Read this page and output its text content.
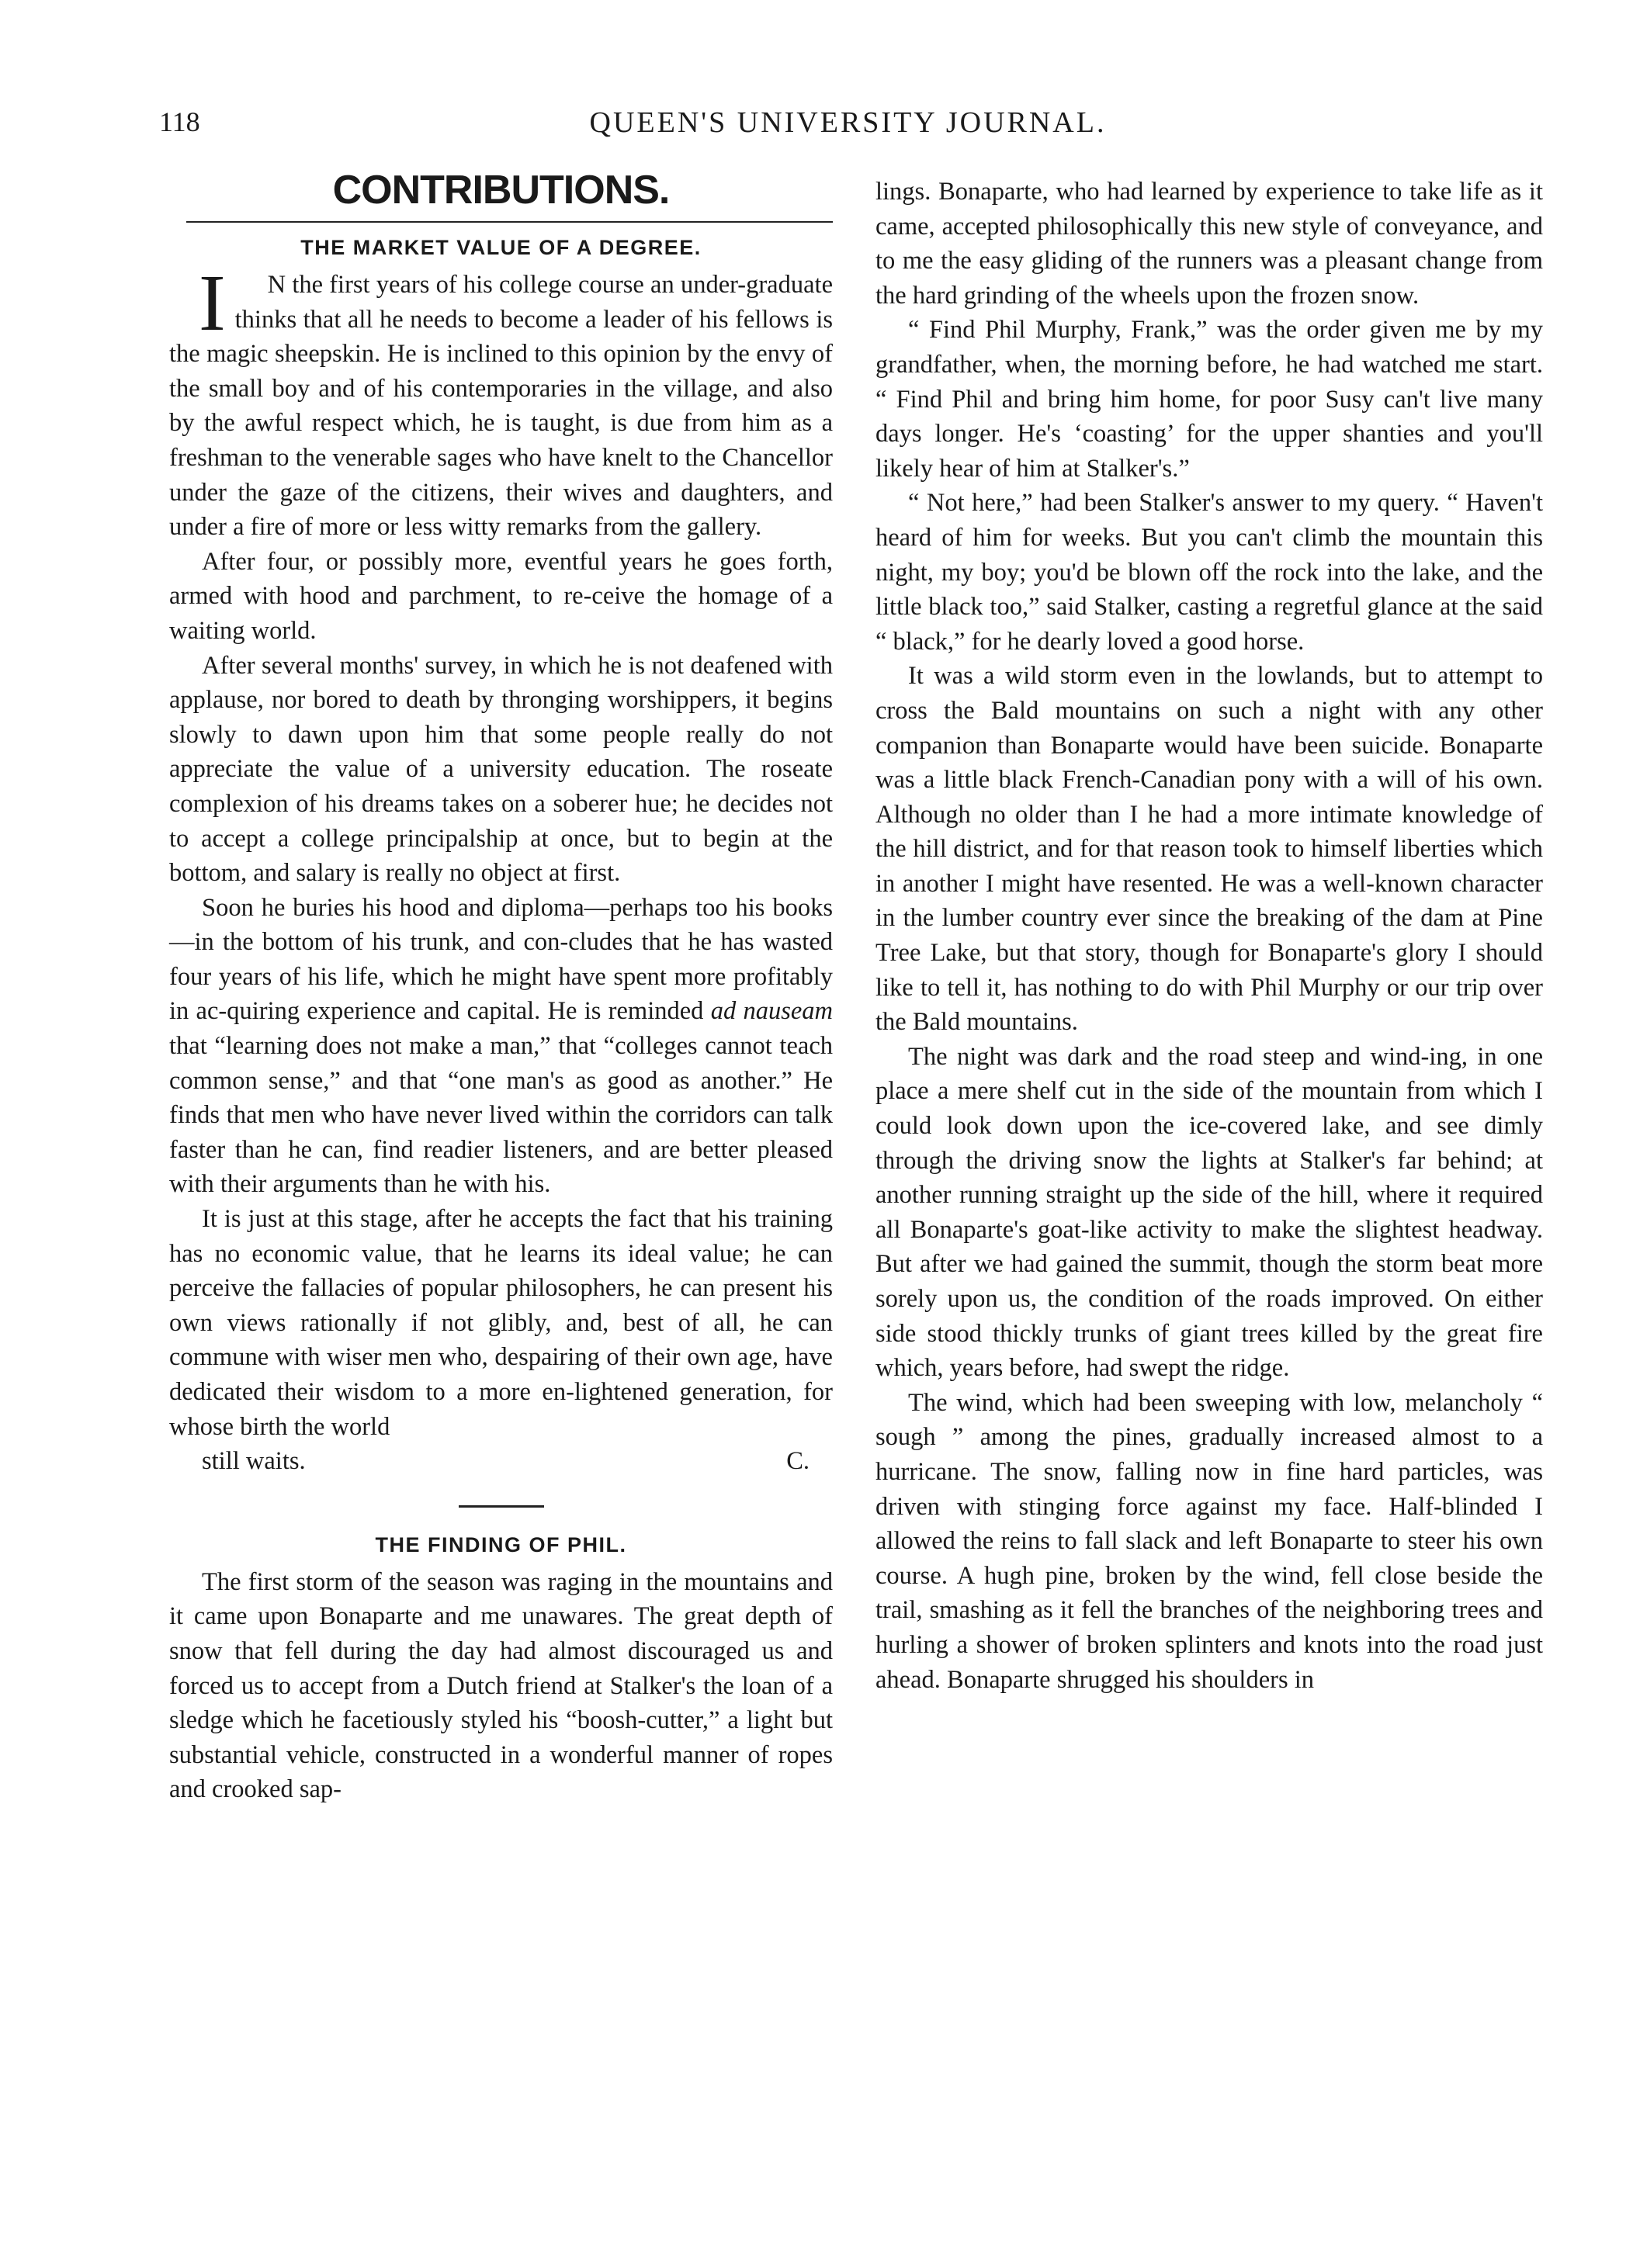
118	QUEEN'S UNIVERSITY JOURNAL.
CONTRIBUTIONS.
THE MARKET VALUE OF A DEGREE.

I N the first years of his college course an under-graduate thinks that all he needs to become a leader of his fellows is the magic sheepskin. He is inclined to this opinion by the envy of the small boy and of his contemporaries in the village, and also by the awful respect which, he is taught, is due from him as a freshman to the venerable sages who have knelt to the Chancellor under the gaze of the citizens, their wives and daughters, and under a fire of more or less witty remarks from the gallery.

After four, or possibly more, eventful years he goes forth, armed with hood and parchment, to re-ceive the homage of a waiting world.

After several months' survey, in which he is not deafened with applause, nor bored to death by thronging worshippers, it begins slowly to dawn upon him that some people really do not appreciate the value of a university education. The roseate complexion of his dreams takes on a soberer hue; he decides not to accept a college principalship at once, but to begin at the bottom, and salary is really no object at first.

Soon he buries his hood and diploma—perhaps too his books—in the bottom of his trunk, and con-cludes that he has wasted four years of his life, which he might have spent more profitably in ac-quiring experience and capital. He is reminded ad nauseam that “learning does not make a man,” that “colleges cannot teach common sense,” and that “one man's as good as another.” He finds that men who have never lived within the corridors can talk faster than he can, find readier listeners, and are better pleased with their arguments than he with his.

It is just at this stage, after he accepts the fact that his training has no economic value, that he learns its ideal value; he can perceive the fallacies of popular philosophers, he can present his own views rationally if not glibly, and, best of all, he can commune with wiser men who, despairing of their own age, have dedicated their wisdom to a more en-lightened generation, for whose birth the world

still waits.	C.

THE FINDING OF PHIL.

The first storm of the season was raging in the mountains and it came upon Bonaparte and me unawares. The great depth of snow that fell during the day had almost discouraged us and forced us to accept from a Dutch friend at Stalker's the loan of a sledge which he facetiously styled his “boosh-cutter,” a light but substantial vehicle, constructed in a wonderful manner of ropes and crooked sap-

lings. Bonaparte, who had learned by experience to take life as it came, accepted philosophically this new style of conveyance, and to me the easy gliding of the runners was a pleasant change from the hard grinding of the wheels upon the frozen snow.

“ Find Phil Murphy, Frank,” was the order given me by my grandfather, when, the morning before, he had watched me start. “ Find Phil and bring him home, for poor Susy can't live many days longer. He's ‘coasting’ for the upper shanties and you'll likely hear of him at Stalker's.”

“ Not here,” had been Stalker's answer to my query. “ Haven't heard of him for weeks. But you can't climb the mountain this night, my boy; you'd be blown off the rock into the lake, and the little black too,” said Stalker, casting a regretful glance at the said “ black,” for he dearly loved a good horse.

It was a wild storm even in the lowlands, but to attempt to cross the Bald mountains on such a night with any other companion than Bonaparte would have been suicide. Bonaparte was a little black French-Canadian pony with a will of his own. Although no older than I he had a more intimate knowledge of the hill district, and for that reason took to himself liberties which in another I might have resented. He was a well-known character in the lumber country ever since the breaking of the dam at Pine Tree Lake, but that story, though for Bonaparte's glory I should like to tell it, has nothing to do with Phil Murphy or our trip over the Bald mountains.

The night was dark and the road steep and wind-ing, in one place a mere shelf cut in the side of the mountain from which I could look down upon the ice-covered lake, and see dimly through the driving snow the lights at Stalker's far behind; at another running straight up the side of the hill, where it required all Bonaparte's goat-like activity to make the slightest headway. But after we had gained the summit, though the storm beat more sorely upon us, the condition of the roads improved. On either side stood thickly trunks of giant trees killed by the great fire which, years before, had swept the ridge.

The wind, which had been sweeping with low, melancholy “ sough ” among the pines, gradually increased almost to a hurricane. The snow, falling now in fine hard particles, was driven with stinging force against my face. Half-blinded I allowed the reins to fall slack and left Bonaparte to steer his own course. A hugh pine, broken by the wind, fell close beside the trail, smashing as it fell the branches of the neighboring trees and hurling a shower of broken splinters and knots into the road just ahead. Bonaparte shrugged his shoulders in
